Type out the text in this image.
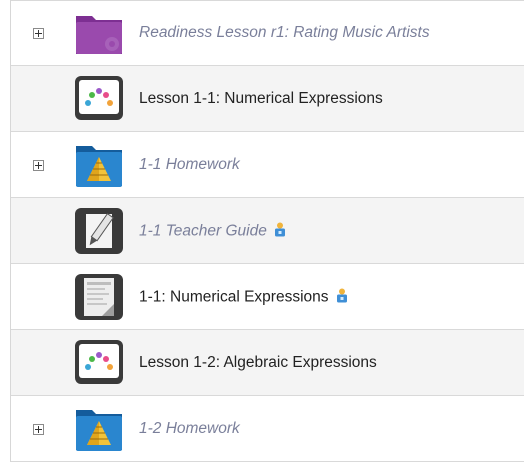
Readiness Lesson r1: Rating Music Artists
Lesson 1-1: Numerical Expressions
1-1 Homework
1-1 Teacher Guide
1-1: Numerical Expressions
Lesson 1-2: Algebraic Expressions
1-2 Homework
